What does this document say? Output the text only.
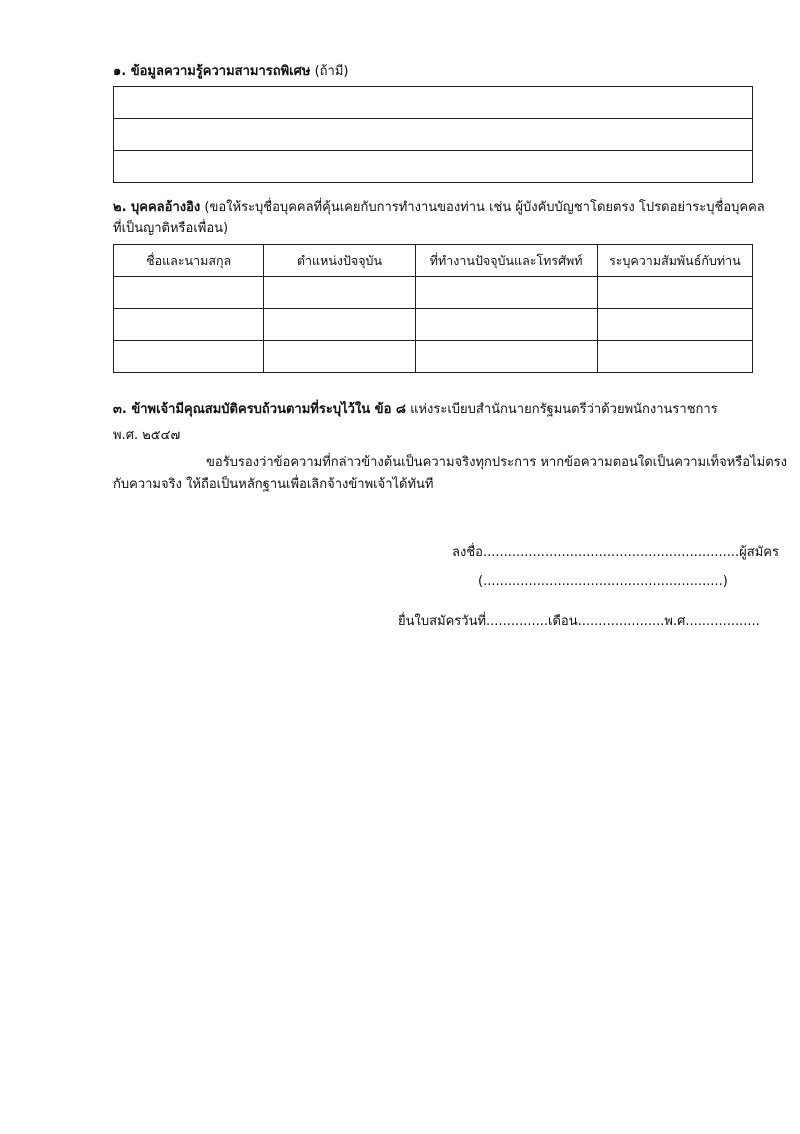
๑. ข้อมูลความรู้ความสามารถพิเศษ (ถ้ามี)

๒. บุคคลอ้างอิง (ขอให้ระบุชื่อบุคคลที่คุ้นเคยกับการทำงานของท่าน เช่น ผู้บังคับบัญชาโดยตรง โปรดอย่าระบุชื่อบุคคล
ที่เป็นญาติหรือเพื่อน)
ชื่อและนามสกุล	ตำแหน่งปัจจุบัน	ที่ทำงานปัจจุบันและโทรศัพท์	ระบุความสัมพันธ์กับท่าน

๓. ข้าพเจ้ามีคุณสมบัติครบถ้วนตามที่ระบุไว้ใน ข้อ ๘ แห่งระเบียบสำนักนายกรัฐมนตรีว่าด้วยพนักงานราชการ
พ.ศ. ๒๕๔๗
ขอรับรองว่าข้อความที่กล่าวข้างต้นเป็นความจริงทุกประการ หากข้อความตอนใดเป็นความเท็จหรือไม่ตรง
กับความจริง ให้ถือเป็นหลักฐานเพื่อเลิกจ้างข้าพเจ้าได้ทันที
ลงชื่อ..............................................................ผู้สมัคร
(..........................................................)
ยื่นใบสมัครวันที่...............เดือน.....................พ.ศ..................
